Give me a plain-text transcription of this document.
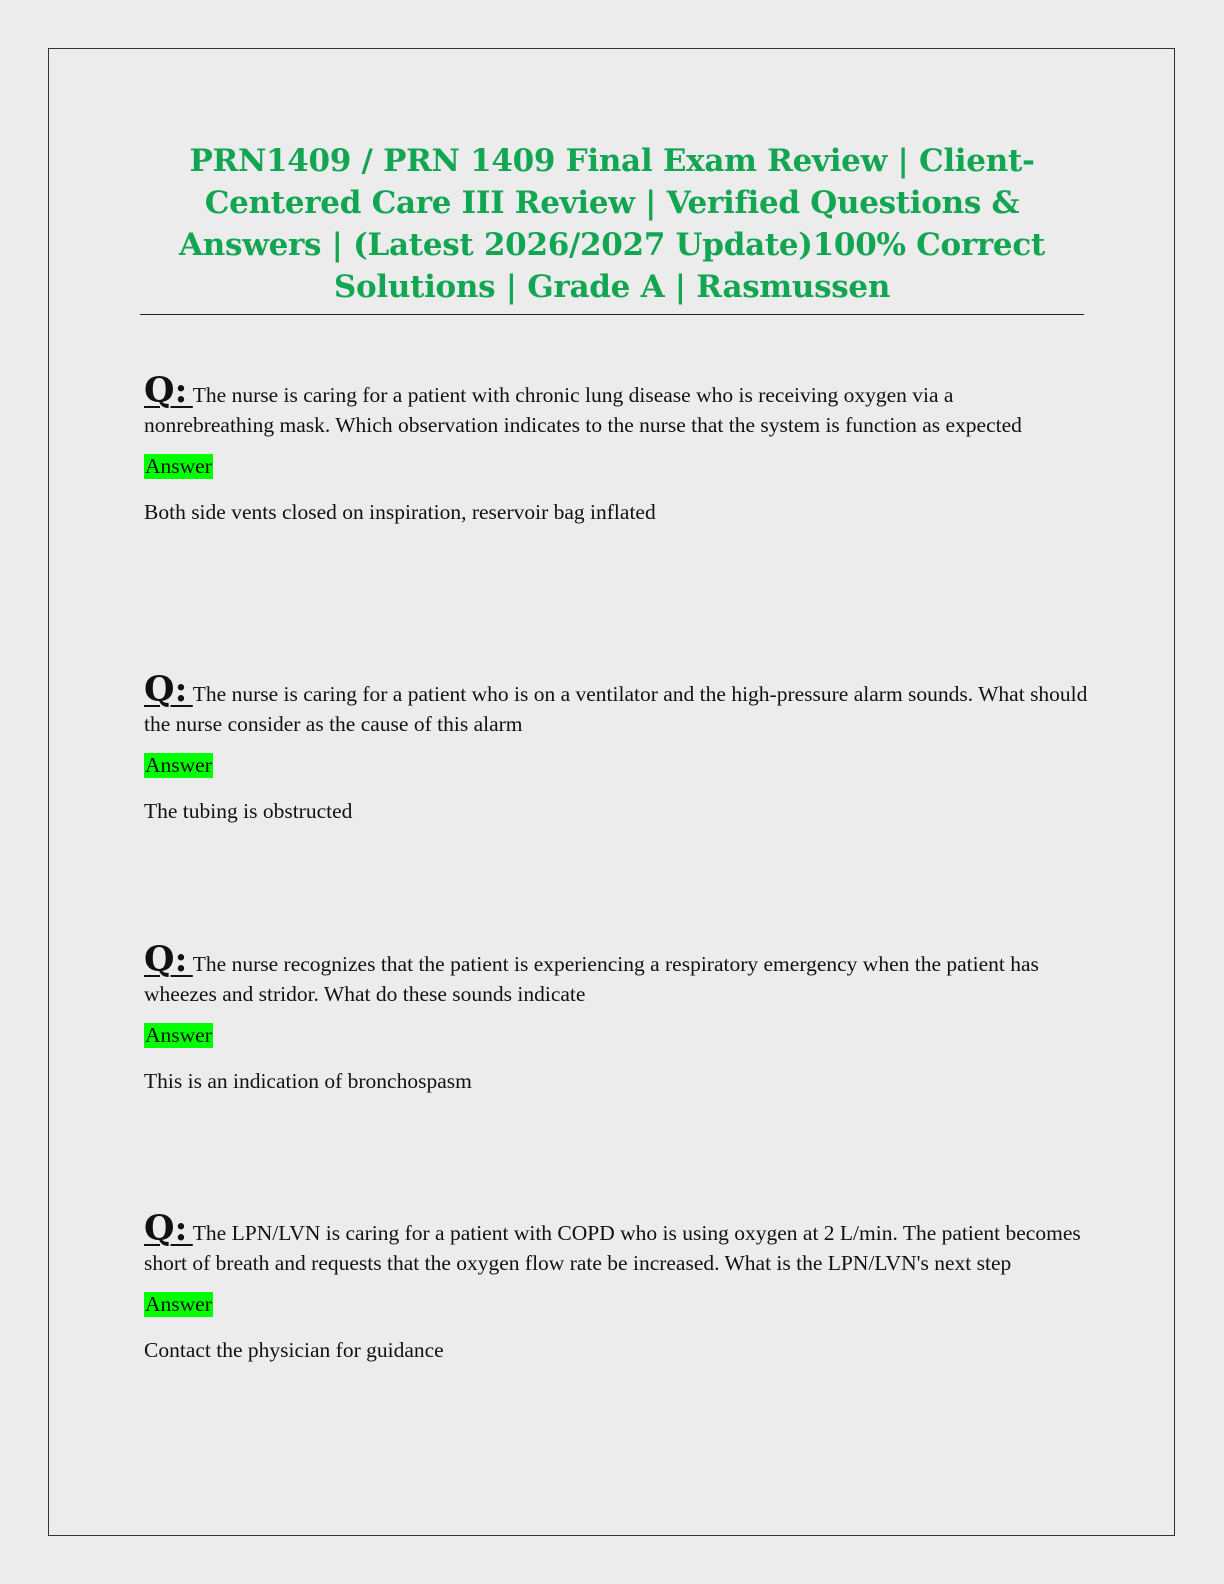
PRN1409 / PRN 1409 Final Exam Review | Client-Centered Care III Review | Verified Questions & Answers | (Latest 2026/2027 Update)100% Correct Solutions | Grade A | Rasmussen

Q: The nurse is caring for a patient with chronic lung disease who is receiving oxygen via a nonrebreathing mask. Which observation indicates to the nurse that the system is function as expected

Answer

Both side vents closed on inspiration, reservoir bag inflated

Q: The nurse is caring for a patient who is on a ventilator and the high-pressure alarm sounds. What should the nurse consider as the cause of this alarm

Answer

The tubing is obstructed

Q: The nurse recognizes that the patient is experiencing a respiratory emergency when the patient has wheezes and stridor. What do these sounds indicate

Answer

This is an indication of bronchospasm

Q: The LPN/LVN is caring for a patient with COPD who is using oxygen at 2 L/min. The patient becomes short of breath and requests that the oxygen flow rate be increased. What is the LPN/LVN's next step

Answer

Contact the physician for guidance
